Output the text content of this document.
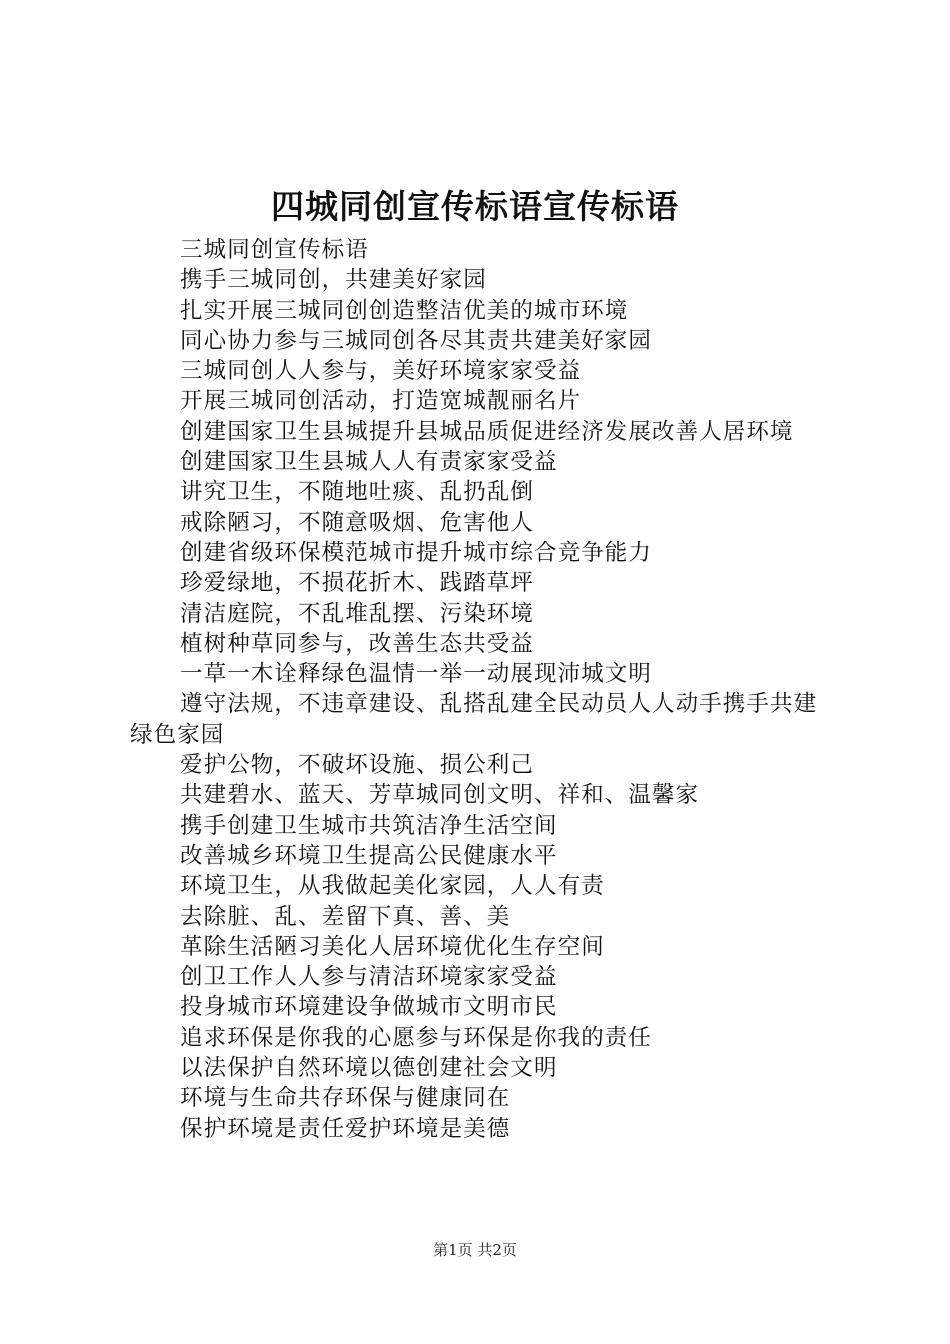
四城同创宣传标语宣传标语

三城同创宣传标语

携手三城同创，共建美好家园

扎实开展三城同创创造整洁优美的城市环境

同心协力参与三城同创各尽其责共建美好家园

三城同创人人参与，美好环境家家受益

开展三城同创活动，打造宽城靓丽名片

创建国家卫生县城提升县城品质促进经济发展改善人居环境

创建国家卫生县城人人有责家家受益

讲究卫生，不随地吐痰、乱扔乱倒

戒除陋习，不随意吸烟、危害他人

创建省级环保模范城市提升城市综合竞争能力

珍爱绿地，不损花折木、践踏草坪

清洁庭院，不乱堆乱摆、污染环境

植树种草同参与，改善生态共受益

一草一木诠释绿色温情一举一动展现沛城文明

遵守法规，不违章建设、乱搭乱建全民动员人人动手携手共建绿色家园

爱护公物，不破坏设施、损公利己

共建碧水、蓝天、芳草城同创文明、祥和、温馨家

携手创建卫生城市共筑洁净生活空间

改善城乡环境卫生提高公民健康水平

环境卫生，从我做起美化家园，人人有责

去除脏、乱、差留下真、善、美

革除生活陋习美化人居环境优化生存空间

创卫工作人人参与清洁环境家家受益

投身城市环境建设争做城市文明市民

追求环保是你我的心愿参与环保是你我的责任

以法保护自然环境以德创建社会文明

环境与生命共存环保与健康同在

保护环境是责任爱护环境是美德

第1页 共2页
